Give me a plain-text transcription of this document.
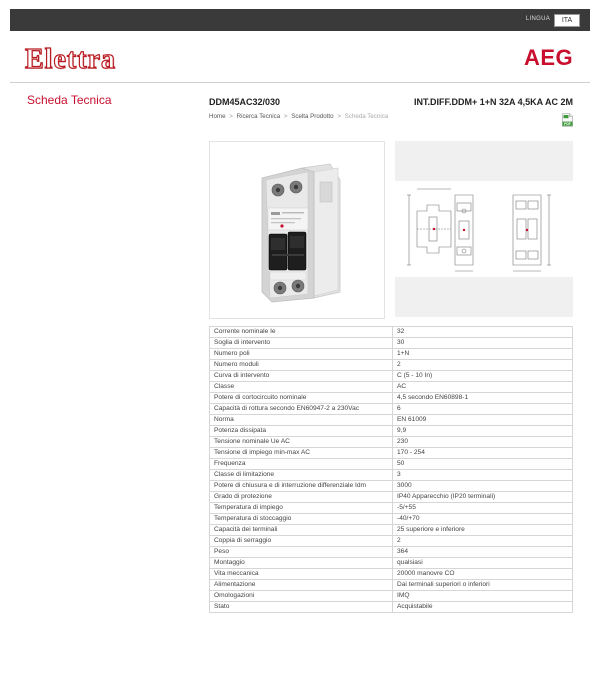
LINGUA	ITA
Elettra	AEG
Scheda Tecnica	DDM45AC32/030	INT.DIFF.DDM+ 1+N 32A 4,5KA AC 2M
Home > Ricerca Tecnica > Scelta Prodotto > Scheda Tecnica
PDF
Corrente nominale Ie	32
Soglia di intervento	30
Numero poli	1+N
Numero moduli	2
Curva di intervento	C (5 - 10 In)
Classe	AC
Potere di cortocircuito nominale	4,5 secondo EN60898-1
Capacità di rottura secondo EN60947-2 a 230Vac	6
Norma	EN 61009
Potenza dissipata	9,9
Tensione nominale Ue AC	230
Tensione di impiego min-max AC	170 - 254
Frequenza	50
Classe di limitazione	3
Potere di chiusura e di interruzione differenziale Idm	3000
Grado di protezione	IP40 Apparecchio (IP20 terminali)
Temperatura di impiego	-5/+55
Temperatura di stoccaggio	-40/+70
Capacità dei terminali	25 superiore e inferiore
Coppia di serraggio	2
Peso	364
Montaggio	qualsiasi
Vita meccanica	20000 manovre CO
Alimentazione	Dai terminali superiori o inferiori
Omologazioni	IMQ
Stato	Acquistabile
